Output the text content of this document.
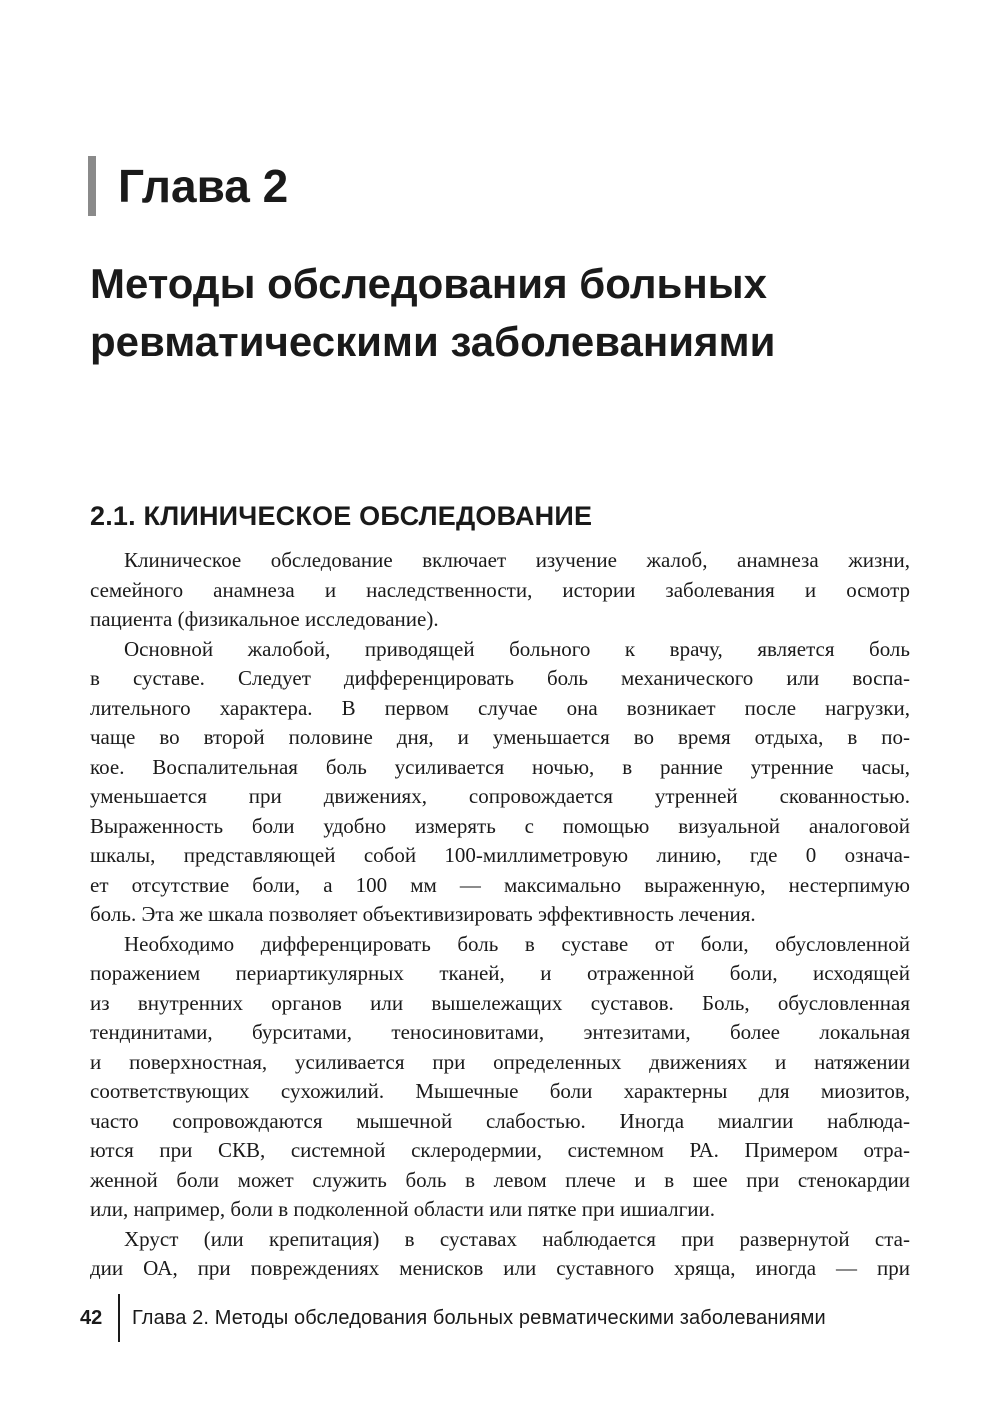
Глава 2
Методы обследования больных
ревматическими заболеваниями
2.1. КЛИНИЧЕСКОЕ ОБСЛЕДОВАНИЕ
Клиническое обследование включает изучение жалоб, анамнеза жизни,
семейного анамнеза и наследственности, истории заболевания и осмотр
пациента (физикальное исследование).
Основной жалобой, приводящей больного к врачу, является боль
в суставе. Следует дифференцировать боль механического или воспа-
лительного характера. В первом случае она возникает после нагрузки,
чаще во второй половине дня, и уменьшается во время отдыха, в по-
кое. Воспалительная боль усиливается ночью, в ранние утренние часы,
уменьшается при движениях, сопровождается утренней скованностью.
Выраженность боли удобно измерять с помощью визуальной аналоговой
шкалы, представляющей собой 100-миллиметровую линию, где 0 означа-
ет отсутствие боли, а 100 мм — максимально выраженную, нестерпимую
боль. Эта же шкала позволяет объективизировать эффективность лечения.
Необходимо дифференцировать боль в суставе от боли, обусловленной
поражением периартикулярных тканей, и отраженной боли, исходящей
из внутренних органов или вышележащих суставов. Боль, обусловленная
тендинитами, бурситами, теносиновитами, энтезитами, более локальная
и поверхностная, усиливается при определенных движениях и натяжении
соответствующих сухожилий. Мышечные боли характерны для миозитов,
часто сопровождаются мышечной слабостью. Иногда миалгии наблюда-
ются при СКВ, системной склеродермии, системном РА. Примером отра-
женной боли может служить боль в левом плече и в шее при стенокардии
или, например, боли в подколенной области или пятке при ишиалгии.
Хруст (или крепитация) в суставах наблюдается при развернутой ста-
дии ОА, при повреждениях менисков или суставного хряща, иногда — при
42	Глава 2. Методы обследования больных ревматическими заболеваниями
